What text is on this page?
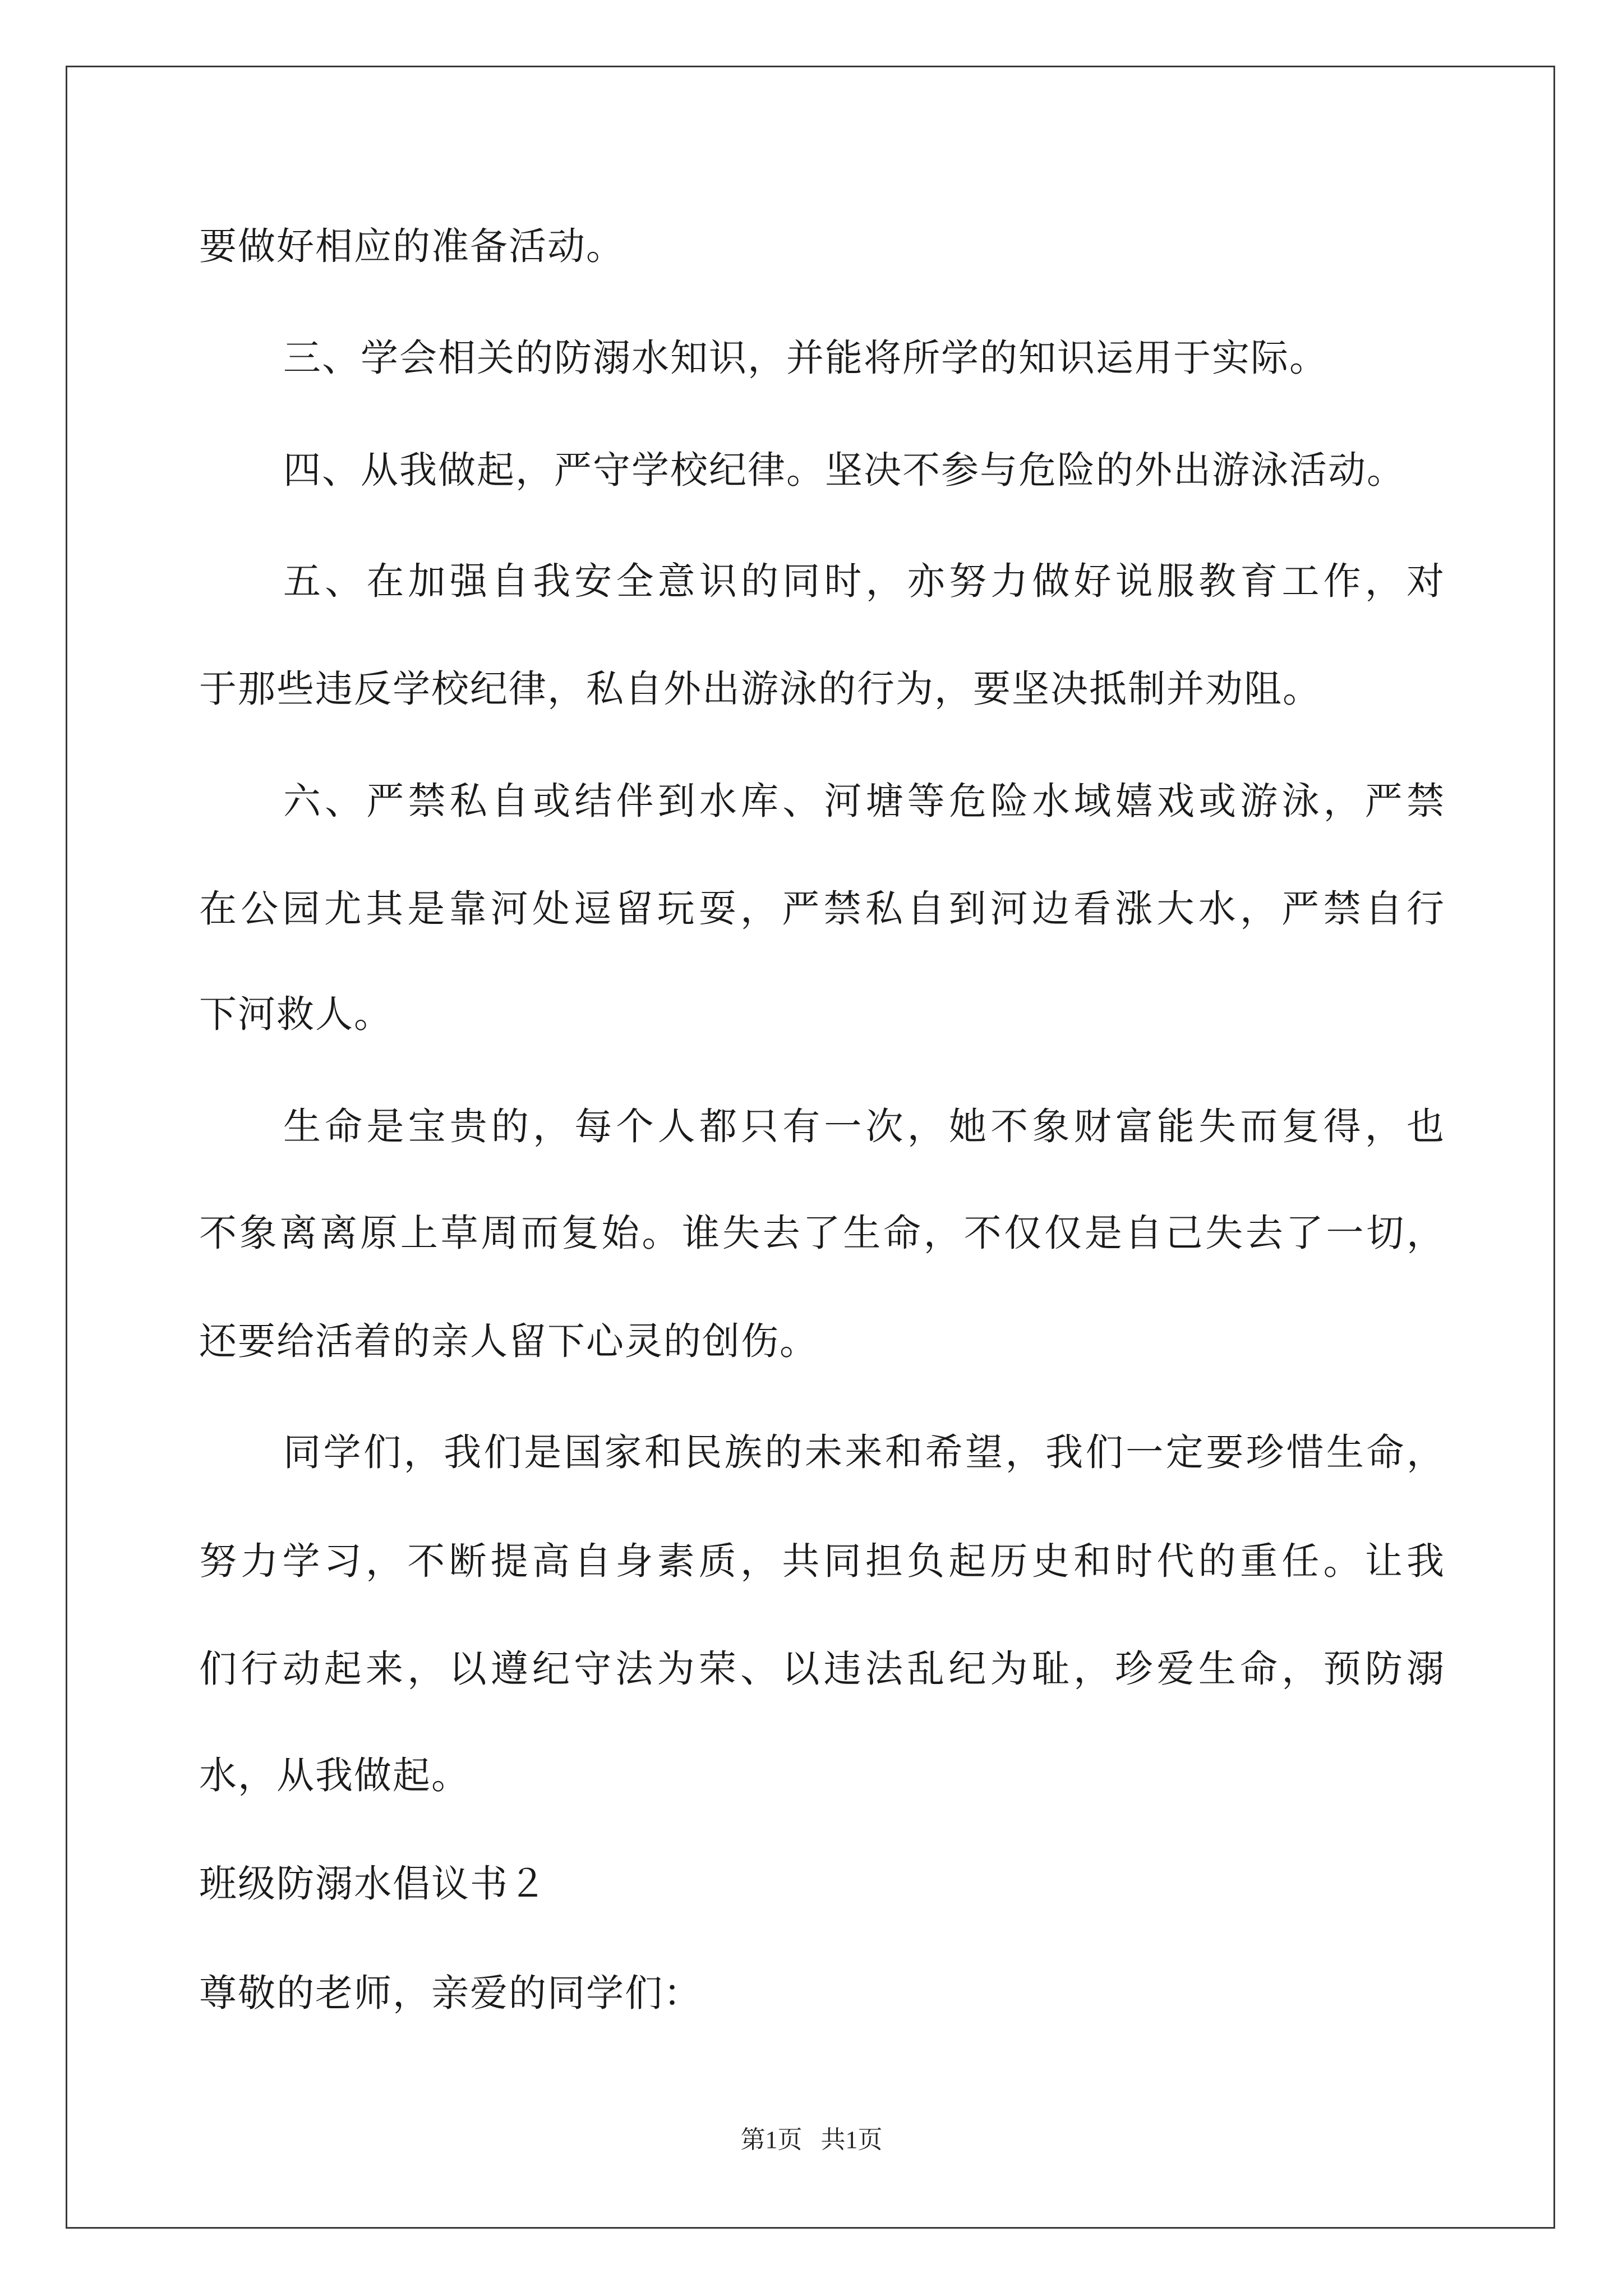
要做好相应的准备活动。

三、学会相关的防溺水知识，并能将所学的知识运用于实际。

四、从我做起，严守学校纪律。坚决不参与危险的外出游泳活动。

五、在加强自我安全意识的同时，亦努力做好说服教育工作，对

于那些违反学校纪律，私自外出游泳的行为，要坚决抵制并劝阻。

六、严禁私自或结伴到水库、河塘等危险水域嬉戏或游泳，严禁

在公园尤其是靠河处逗留玩耍，严禁私自到河边看涨大水，严禁自行

下河救人。

生命是宝贵的，每个人都只有一次，她不象财富能失而复得，也

不象离离原上草周而复始。谁失去了生命，不仅仅是自己失去了一切，

还要给活着的亲人留下心灵的创伤。

同学们，我们是国家和民族的未来和希望，我们一定要珍惜生命，

努力学习，不断提高自身素质，共同担负起历史和时代的重任。让我

们行动起来，以遵纪守法为荣、以违法乱纪为耻，珍爱生命，预防溺

水，从我做起。

班级防溺水倡议书２

尊敬的老师，亲爱的同学们：

第1页   共1页
